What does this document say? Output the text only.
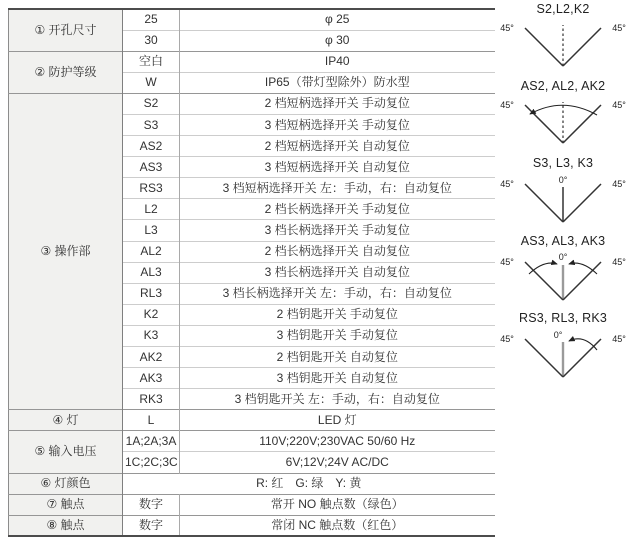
① 开孔尺寸	25	φ 25
	30	φ 30
② 防护等级	空白	IP40
	W	IP65（带灯型除外）防水型
③ 操作部	S2	2 档短柄选择开关 手动复位
	S3	3 档短柄选择开关 手动复位
	AS2	2 档短柄选择开关 自动复位
	AS3	3 档短柄选择开关 自动复位
	RS3	3 档短柄选择开关 左：手动，右：自动复位
	L2	2 档长柄选择开关 手动复位
	L3	3 档长柄选择开关 手动复位
	AL2	2 档长柄选择开关 自动复位
	AL3	3 档长柄选择开关 自动复位
	RL3	3 档长柄选择开关 左：手动，右：自动复位
	K2	2 档钥匙开关 手动复位
	K3	3 档钥匙开关 手动复位
	AK2	2 档钥匙开关 自动复位
	AK3	3 档钥匙开关 自动复位
	RK3	3 档钥匙开关 左：手动，右：自动复位
④ 灯	L	LED 灯
⑤ 输入电压	1A;2A;3A	110V;220V;230VAC 50/60 Hz
	1C;2C;3C	6V;12V;24V AC/DC
⑥ 灯颜色	R: 红　G: 绿　Y: 黄	
⑦ 触点	数字	常开 NO 触点数（绿色）
⑧ 触点	数字	常闭 NC 触点数（红色）
S2,L2,K2
45°	45°
AS2, AL2, AK2
45°	45°
S3, L3, K3
0°
45°	45°
AS3, AL3, AK3
0°
45°	45°
RS3, RL3, RK3
0°
45°	45°
